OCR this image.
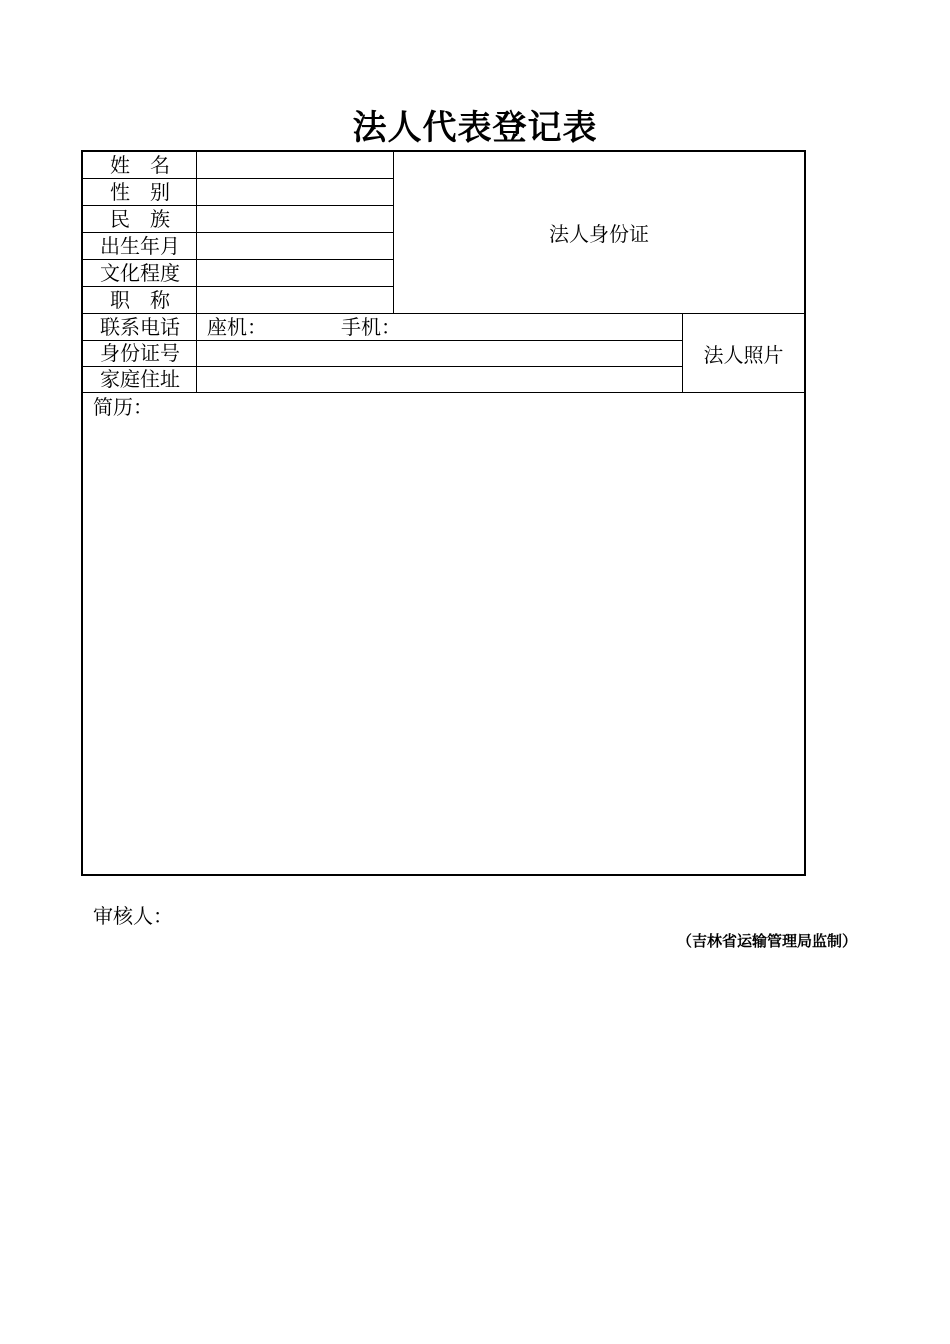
法人代表登记表
姓　名
性　别
民　族
出生年月
文化程度
职　称
联系电话
身份证号
家庭住址
座机：	手机：
法人身份证
法人照片
简历：
审核人：
（吉林省运输管理局监制）
